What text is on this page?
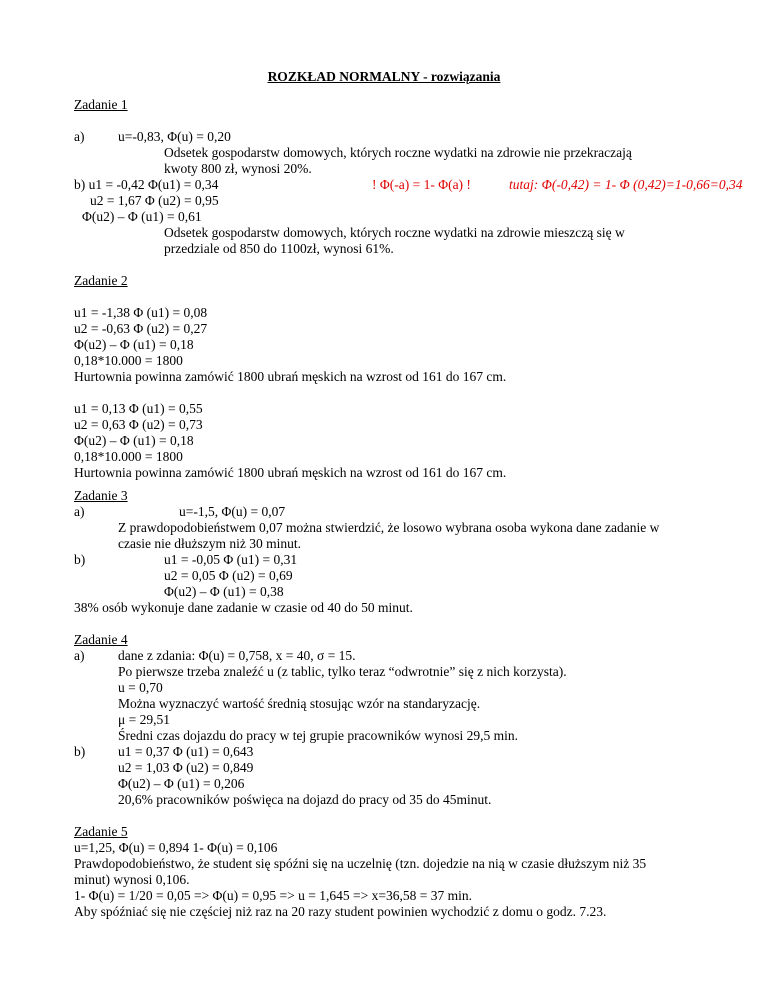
ROZKŁAD NORMALNY - rozwiązania
Zadanie 1
a) u=-0,83, Φ(u) = 0,20
Odsetek gospodarstw domowych, których roczne wydatki na zdrowie nie przekraczają
kwoty 800 zł, wynosi 20%.
b) u1 = -0,42 Φ(u1) = 0,34	! Φ(-a) = 1- Φ(a) !	tutaj: Φ(-0,42) = 1- Φ (0,42)=1-0,66=0,34
u2 = 1,67 Φ (u2) = 0,95
Φ(u2) – Φ (u1) = 0,61
Odsetek gospodarstw domowych, których roczne wydatki na zdrowie mieszczą się w
przedziale od 850 do 1100zł, wynosi 61%.
Zadanie 2
u1 = -1,38 Φ (u1) = 0,08
u2 = -0,63 Φ (u2) = 0,27
Φ(u2) – Φ (u1) = 0,18
0,18*10.000 = 1800
Hurtownia powinna zamówić 1800 ubrań męskich na wzrost od 161 do 167 cm.
u1 = 0,13 Φ (u1) = 0,55
u2 = 0,63 Φ (u2) = 0,73
Φ(u2) – Φ (u1) = 0,18
0,18*10.000 = 1800
Hurtownia powinna zamówić 1800 ubrań męskich na wzrost od 161 do 167 cm.
Zadanie 3
a)	u=-1,5, Φ(u) = 0,07
Z prawdopodobieństwem 0,07 można stwierdzić, że losowo wybrana osoba wykona dane zadanie w
czasie nie dłuższym niż 30 minut.
b)	u1 = -0,05 Φ (u1) = 0,31
u2 = 0,05 Φ (u2) = 0,69
Φ(u2) – Φ (u1) = 0,38
38% osób wykonuje dane zadanie w czasie od 40 do 50 minut.
Zadanie 4
a) dane z zdania: Φ(u) = 0,758, x = 40, σ = 15.
Po pierwsze trzeba znaleźć u (z tablic, tylko teraz “odwrotnie” się z nich korzysta).
u = 0,70
Można wyznaczyć wartość średnią stosując wzór na standaryzację.
μ = 29,51
Średni czas dojazdu do pracy w tej grupie pracowników wynosi 29,5 min.
b) u1 = 0,37 Φ (u1) = 0,643
u2 = 1,03 Φ (u2) = 0,849
Φ(u2) – Φ (u1) = 0,206
20,6% pracowników poświęca na dojazd do pracy od 35 do 45minut.
Zadanie 5
u=1,25, Φ(u) = 0,894 1- Φ(u) = 0,106
Prawdopodobieństwo, że student się spóźni się na uczelnię (tzn. dojedzie na nią w czasie dłuższym niż 35
minut) wynosi 0,106.
1- Φ(u) = 1/20 = 0,05 => Φ(u) = 0,95 => u = 1,645 => x=36,58 = 37 min.
Aby spóźniać się nie częściej niż raz na 20 razy student powinien wychodzić z domu o godz. 7.23.
